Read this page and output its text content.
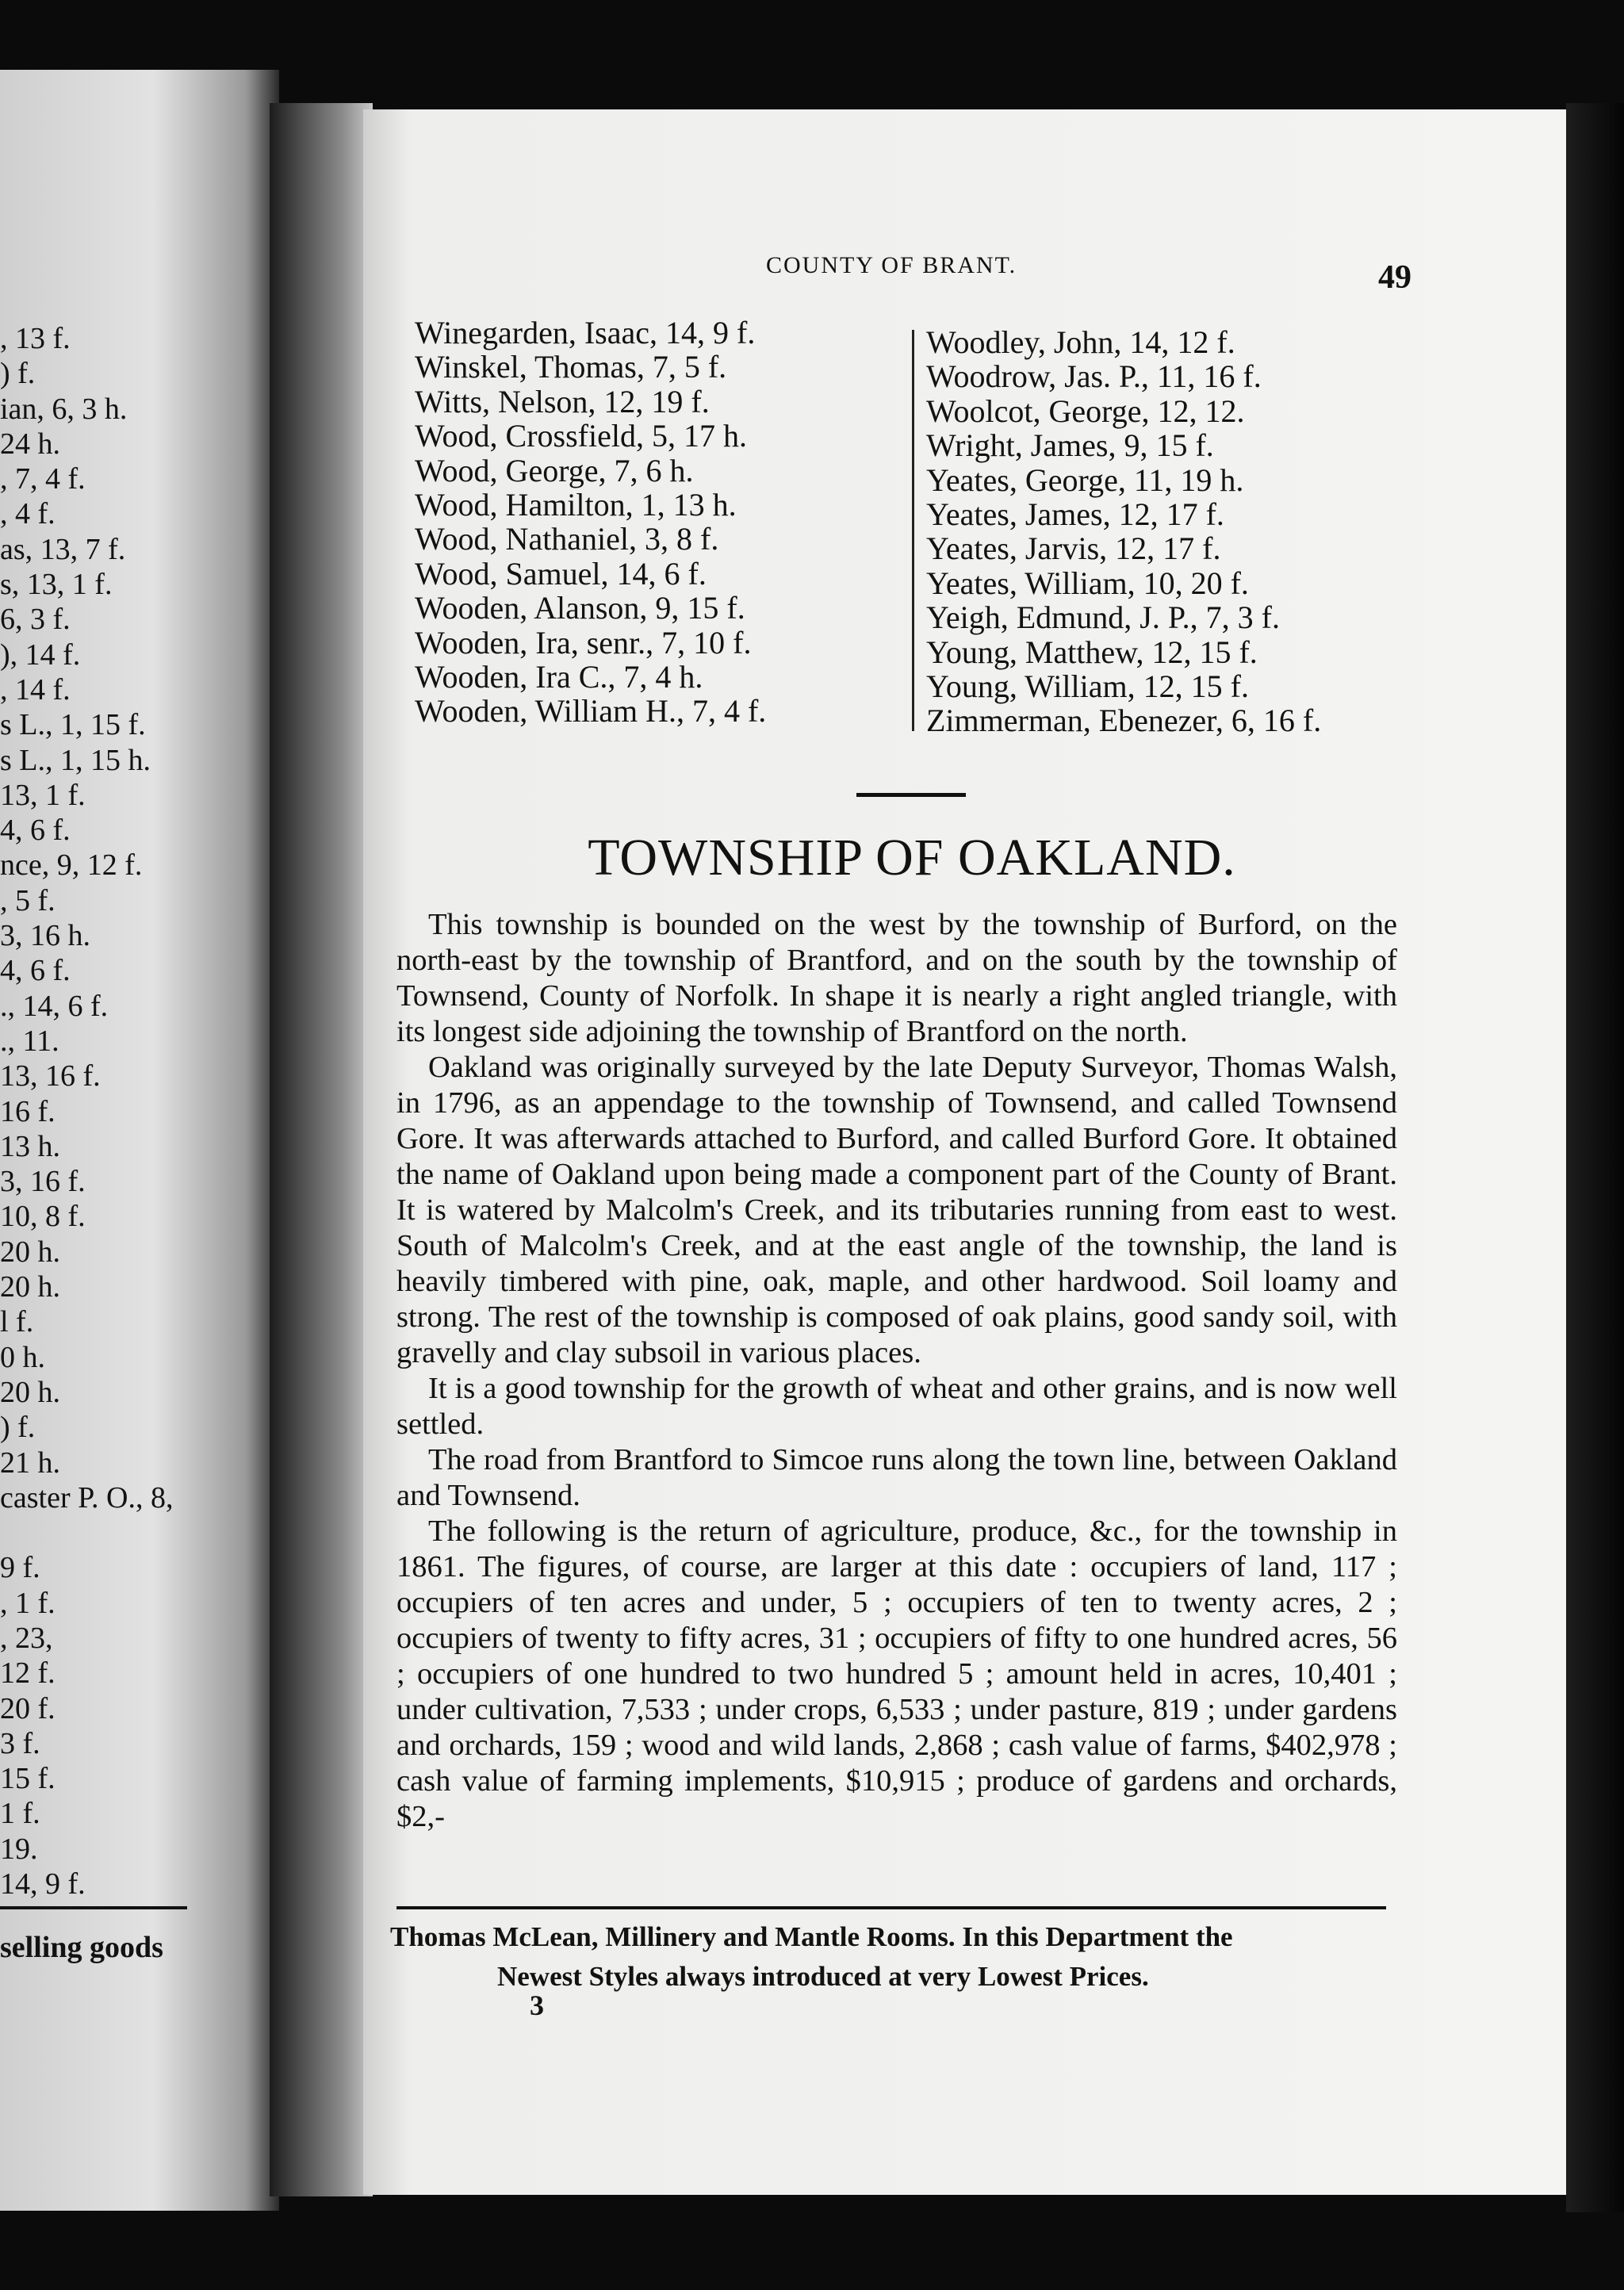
, 13 f.
) f.
ian, 6, 3 h.
24 h.
, 7, 4 f.
, 4 f.
as, 13, 7 f.
s, 13, 1 f.
6, 3 f.
), 14 f.
, 14 f.
s L., 1, 15 f.
s L., 1, 15 h.
13, 1 f.
4, 6 f.
nce, 9, 12 f.
, 5 f.
3, 16 h.
4, 6 f.
., 14, 6 f.
., 11.
13, 16 f.
16 f.
13 h.
3, 16 f.
10, 8 f.
20 h.
20 h.
l f.
0 h.
20 h.
) f.
21 h.
caster P. O., 8,
9 f.
, 1 f.
, 23,
12 f.
20 f.
3 f.
15 f.
1 f.
19.
14, 9 f.
selling goods
COUNTY OF BRANT.	49
Winegarden, Isaac, 14, 9 f.
Winskel, Thomas, 7, 5 f.
Witts, Nelson, 12, 19 f.
Wood, Crossfield, 5, 17 h.
Wood, George, 7, 6 h.
Wood, Hamilton, 1, 13 h.
Wood, Nathaniel, 3, 8 f.
Wood, Samuel, 14, 6 f.
Wooden, Alanson, 9, 15 f.
Wooden, Ira, senr., 7, 10 f.
Wooden, Ira C., 7, 4 h.
Wooden, William H., 7, 4 f.
Woodley, John, 14, 12 f.
Woodrow, Jas. P., 11, 16 f.
Woolcot, George, 12, 12.
Wright, James, 9, 15 f.
Yeates, George, 11, 19 h.
Yeates, James, 12, 17 f.
Yeates, Jarvis, 12, 17 f.
Yeates, William, 10, 20 f.
Yeigh, Edmund, J. P., 7, 3 f.
Young, Matthew, 12, 15 f.
Young, William, 12, 15 f.
Zimmerman, Ebenezer, 6, 16 f.
TOWNSHIP OF OAKLAND.

This township is bounded on the west by the township of Burford, on the north-east by the township of Brantford, and on the south by the township of Townsend, County of Norfolk. In shape it is nearly a right angled triangle, with its longest side adjoining the township of Brantford on the north.

Oakland was originally surveyed by the late Deputy Surveyor, Thomas Walsh, in 1796, as an appendage to the township of Townsend, and called Townsend Gore. It was afterwards attached to Burford, and called Burford Gore. It obtained the name of Oakland upon being made a component part of the County of Brant. It is watered by Malcolm's Creek, and its tributaries running from east to west. South of Malcolm's Creek, and at the east angle of the township, the land is heavily timbered with pine, oak, maple, and other hardwood. Soil loamy and strong. The rest of the township is composed of oak plains, good sandy soil, with gravelly and clay subsoil in various places.

It is a good township for the growth of wheat and other grains, and is now well settled.

The road from Brantford to Simcoe runs along the town line, between Oakland and Townsend.

The following is the return of agriculture, produce, &c., for the township in 1861. The figures, of course, are larger at this date : occupiers of land, 117 ; occupiers of ten acres and under, 5 ; occupiers of ten to twenty acres, 2 ; occupiers of twenty to fifty acres, 31 ; occupiers of fifty to one hundred acres, 56 ; occupiers of one hundred to two hundred 5 ; amount held in acres, 10,401 ; under cultivation, 7,533 ; under crops, 6,533 ; under pasture, 819 ; under gardens and orchards, 159 ; wood and wild lands, 2,868 ; cash value of farms, $402,978 ; cash value of farming implements, $10,915 ; produce of gardens and orchards, $2,-

Thomas McLean, Millinery and Mantle Rooms. In this Department the
Newest Styles always introduced at very Lowest Prices.
3
